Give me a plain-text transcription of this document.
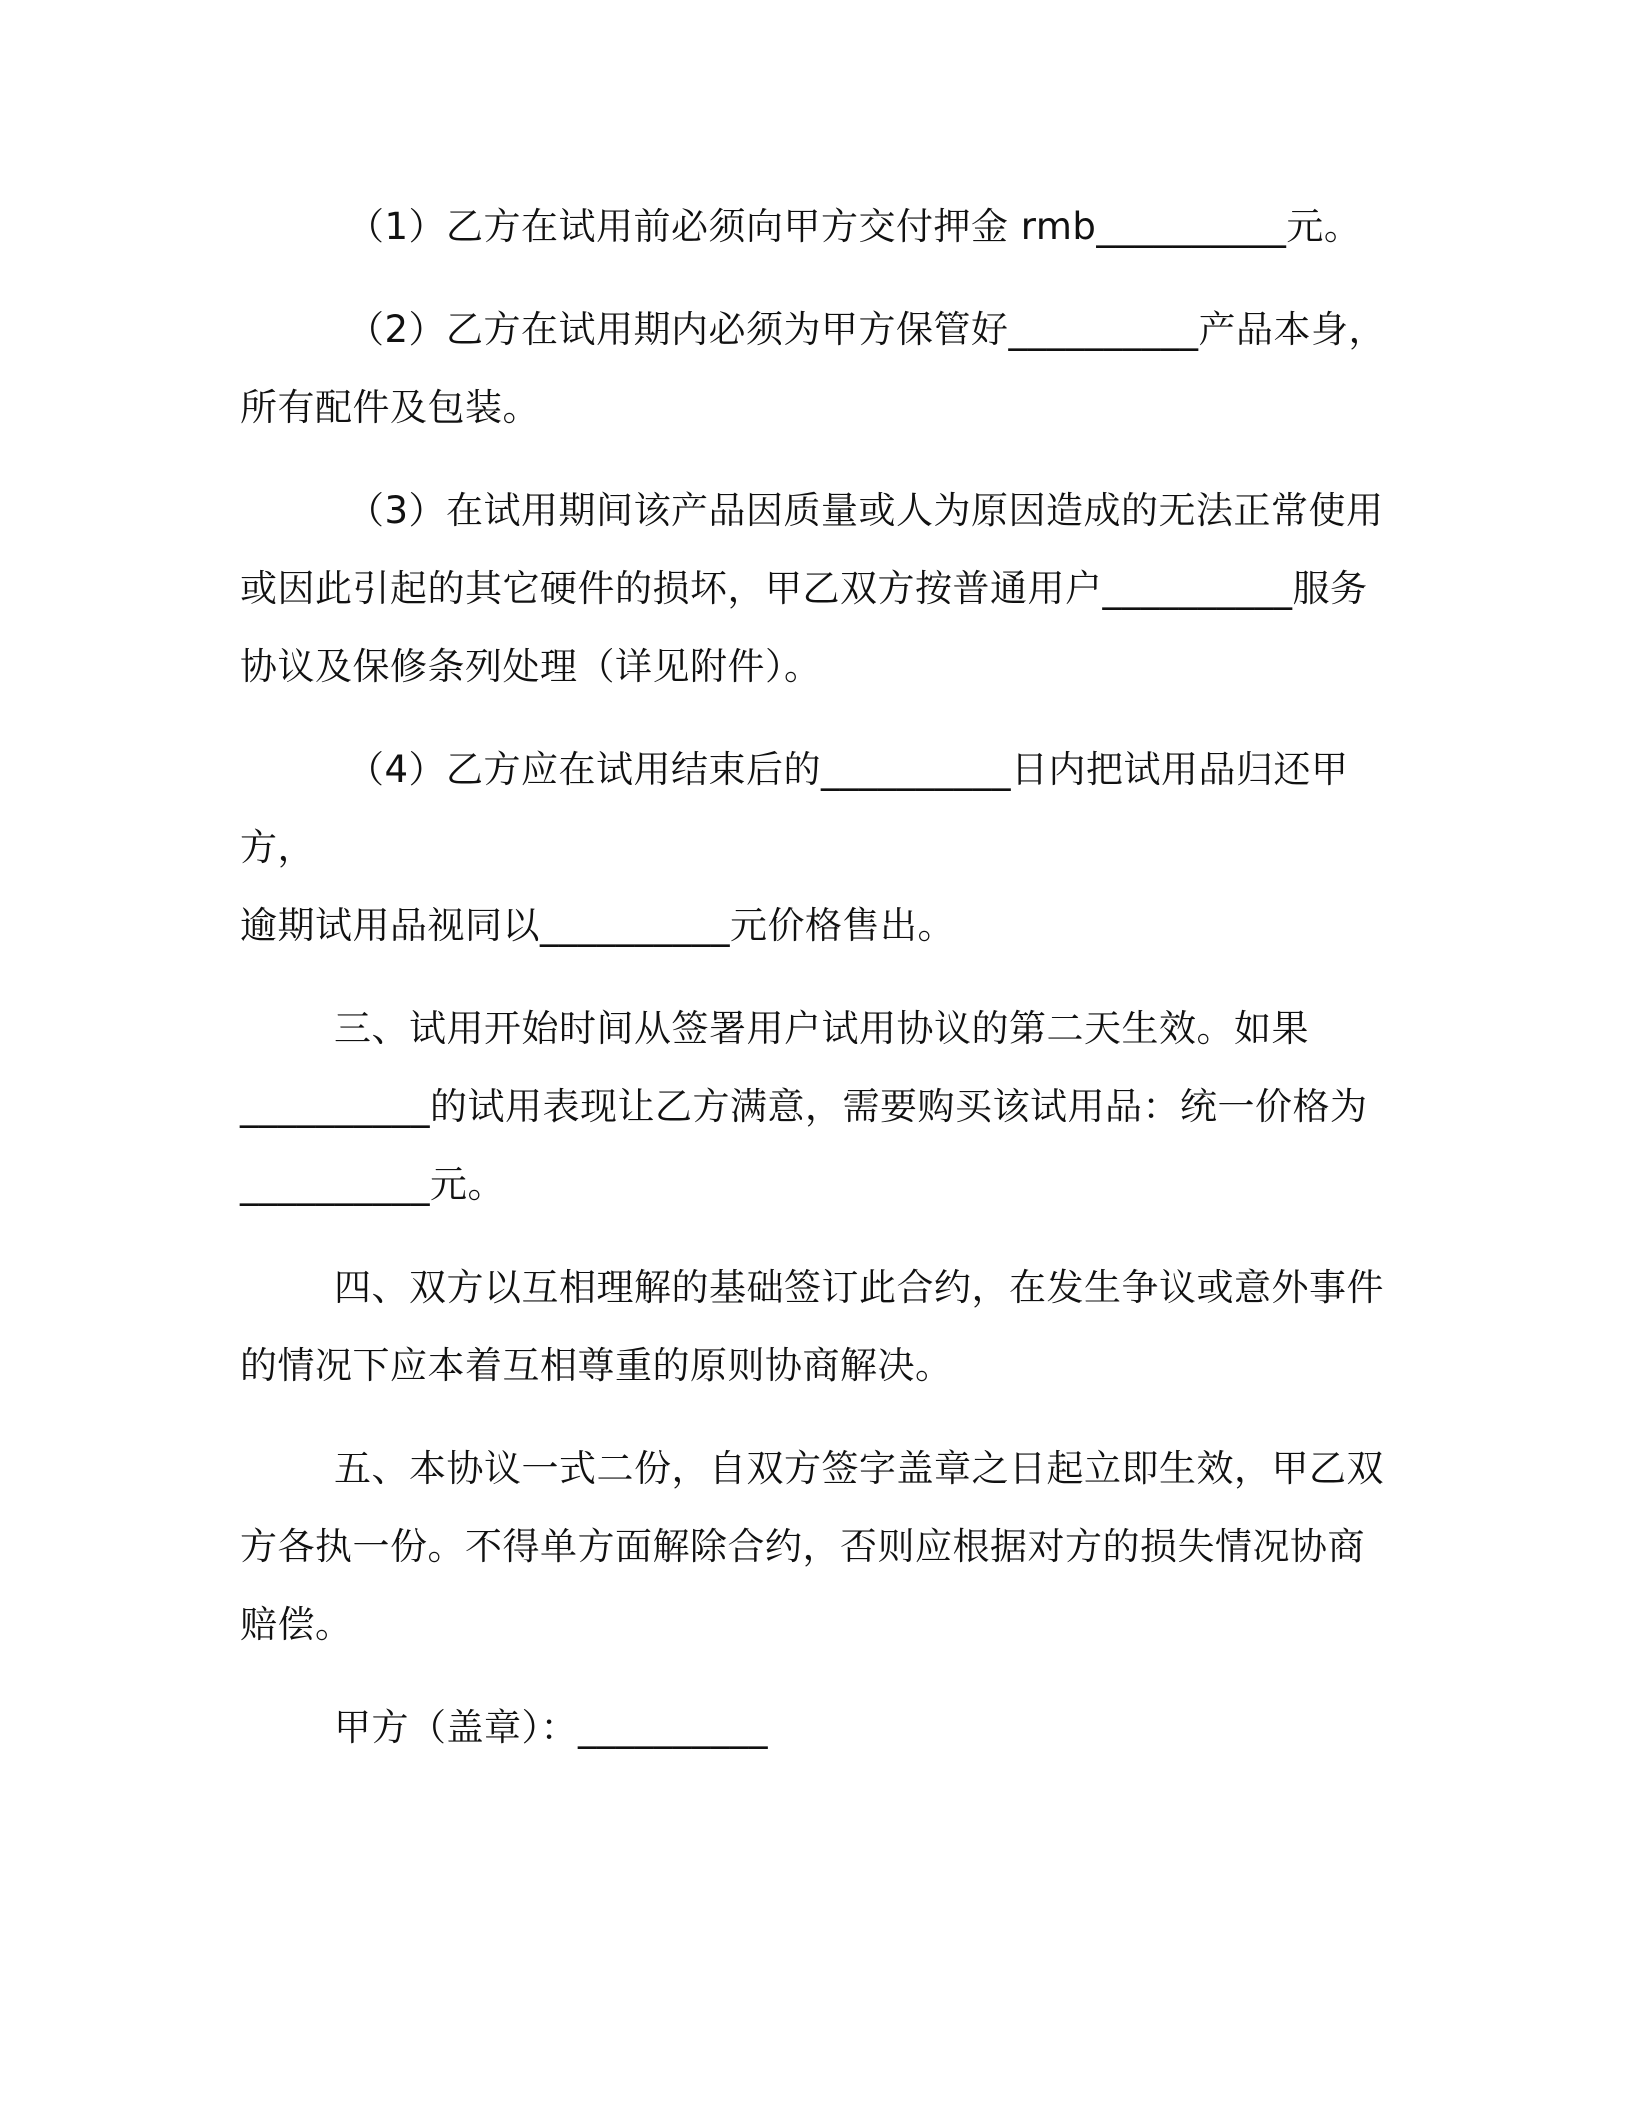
（1）乙方在试用前必须向甲方交付押金 rmb__________元。

（2）乙方在试用期内必须为甲方保管好__________产品本身，
所有配件及包装。

（3）在试用期间该产品因质量或人为原因造成的无法正常使用
或因此引起的其它硬件的损坏，甲乙双方按普通用户__________服务
协议及保修条列处理（详见附件）。

（4）乙方应在试用结束后的__________日内把试用品归还甲方，
逾期试用品视同以__________元价格售出。

三、试用开始时间从签署用户试用协议的第二天生效。如果
__________的试用表现让乙方满意，需要购买该试用品：统一价格为
__________元。

四、双方以互相理解的基础签订此合约，在发生争议或意外事件
的情况下应本着互相尊重的原则协商解决。

五、本协议一式二份，自双方签字盖章之日起立即生效，甲乙双
方各执一份。不得单方面解除合约，否则应根据对方的损失情况协商
赔偿。

甲方（盖章）：__________
